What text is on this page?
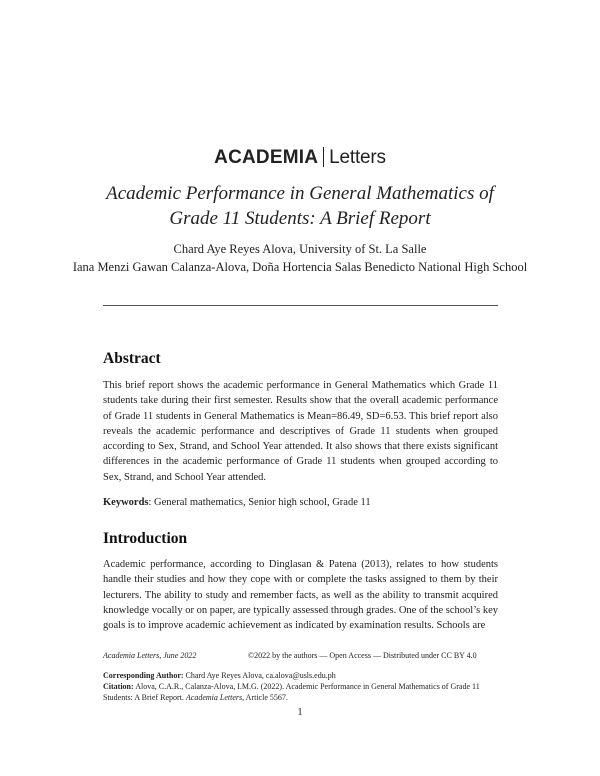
ACADEMIA Letters
Academic Performance in General Mathematics of Grade 11 Students: A Brief Report
Chard Aye Reyes Alova, University of St. La Salle
Iana Menzi Gawan Calanza-Alova, Doña Hortencia Salas Benedicto National High School
Abstract

This brief report shows the academic performance in General Mathematics which Grade 11 students take during their first semester. Results show that the overall academic performance of Grade 11 students in General Mathematics is Mean=86.49, SD=6.53. This brief report also reveals the academic performance and descriptives of Grade 11 students when grouped according to Sex, Strand, and School Year attended. It also shows that there exists significant differences in the academic performance of Grade 11 students when grouped according to Sex, Strand, and School Year attended.

Keywords: General mathematics, Senior high school, Grade 11

Introduction

Academic performance, according to Dinglasan & Patena (2013), relates to how students handle their studies and how they cope with or complete the tasks assigned to them by their lecturers. The ability to study and remember facts, as well as the ability to transmit acquired knowledge vocally or on paper, are typically assessed through grades. One of the school’s key goals is to improve academic achievement as indicated by examination results. Schools are

Academia Letters, June 2022	©2022 by the authors — Open Access — Distributed under CC BY 4.0
Corresponding Author: Chard Aye Reyes Alova, ca.alova@usls.edu.ph
Citation: Alova, C.A.R., Calanza-Alova, I.M.G. (2022). Academic Performance in General Mathematics of Grade 11 Students: A Brief Report. Academia Letters, Article 5567.
1
